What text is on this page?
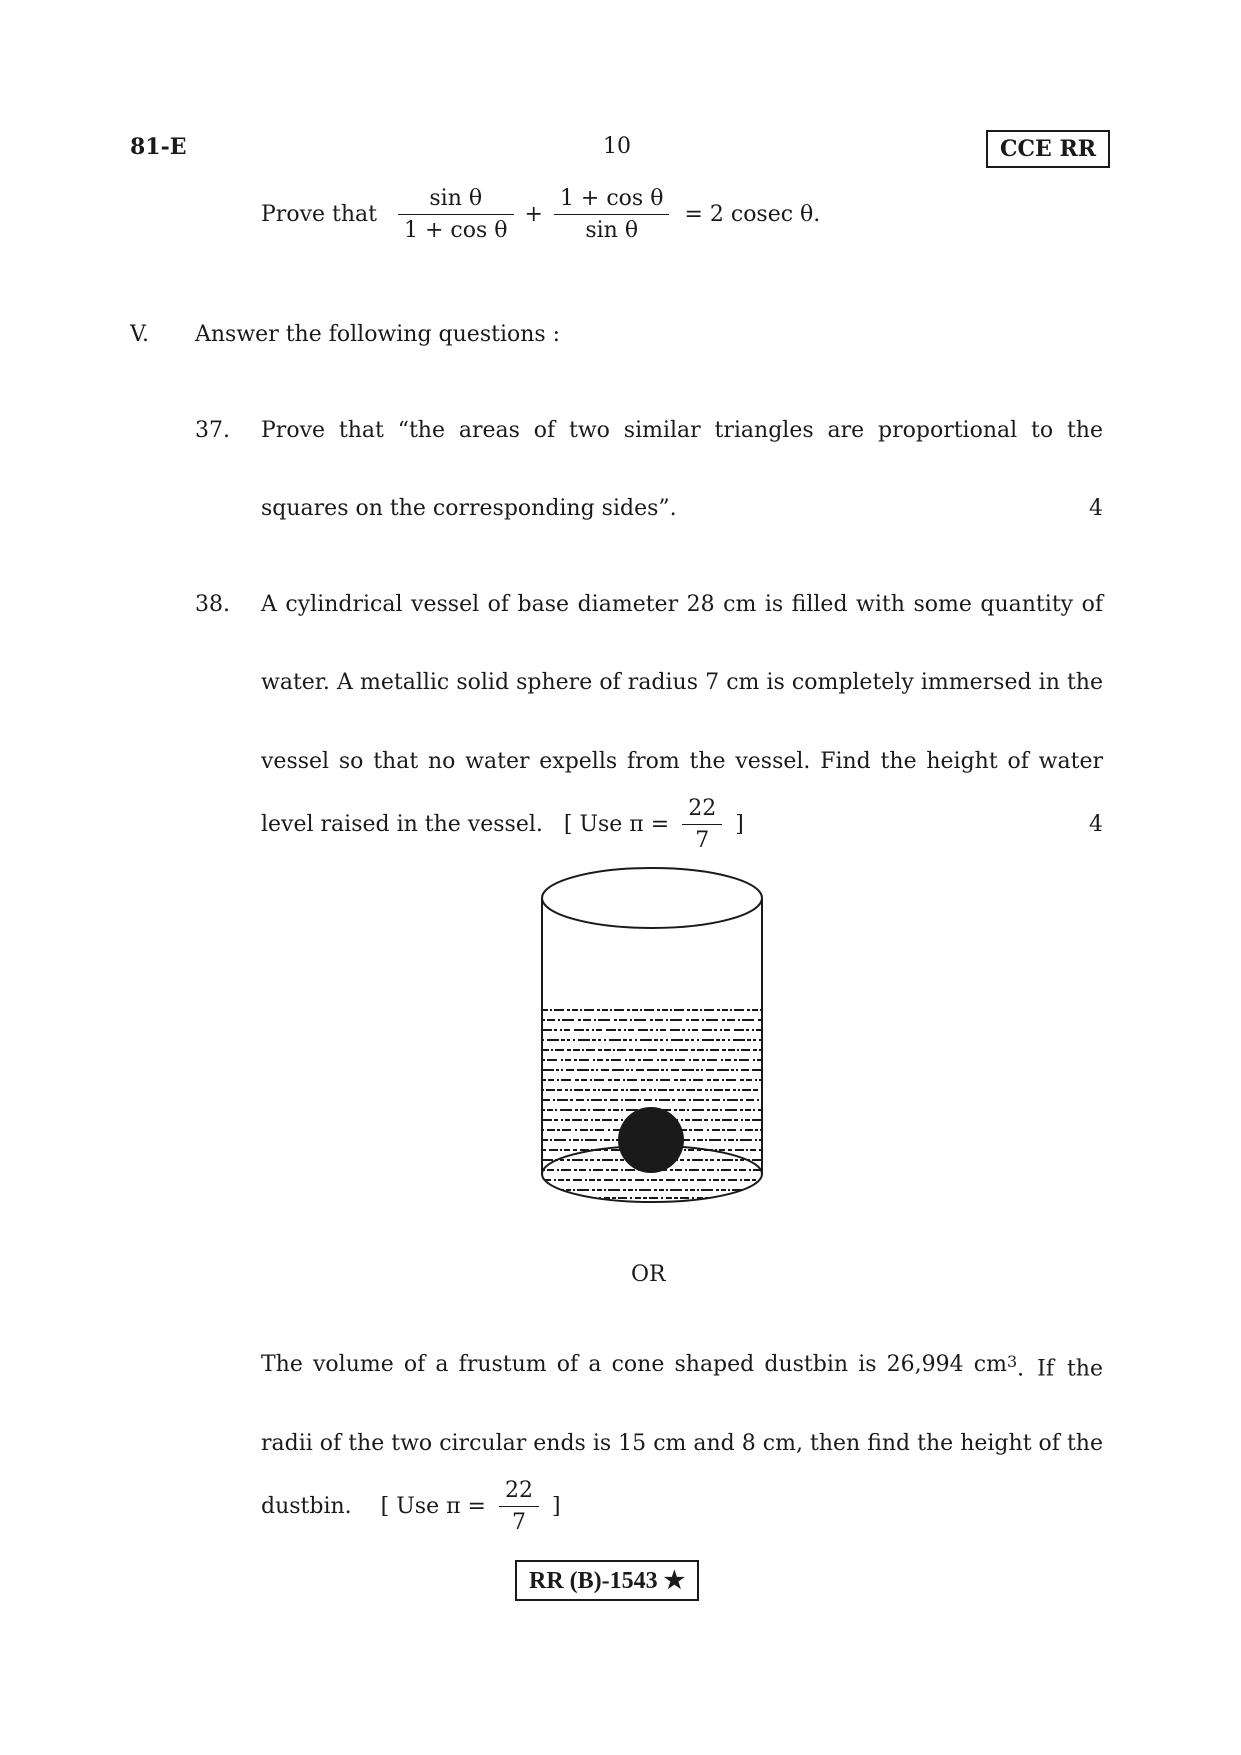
81-E	10	CCE RR
Prove that $\frac{\text{sin θ}}{\text{1 + cos θ}} + \frac{\text{1 + cos θ}}{\text{sin θ}} = 2$ cosec θ.
V. Answer the following questions :
37. Prove that “the areas of two similar triangles are proportional to the
squares on the corresponding sides”.	4
38. A cylindrical vessel of base diameter 28 cm is filled with some quantity of
water. A metallic solid sphere of radius 7 cm is completely immersed in the
vessel so that no water expells from the vessel. Find the height of water
level raised in the vessel. [ Use $\pi = \frac{22}{7}$ ]	4
OR
The volume of a frustum of a cone shaped dustbin is 26,994 cm $^3$. If the
radii of the two circular ends is 15 cm and 8 cm, then find the height of the
dustbin. [ Use $\pi = \frac{22}{7}$ ]
RR (B)-1543 ★
